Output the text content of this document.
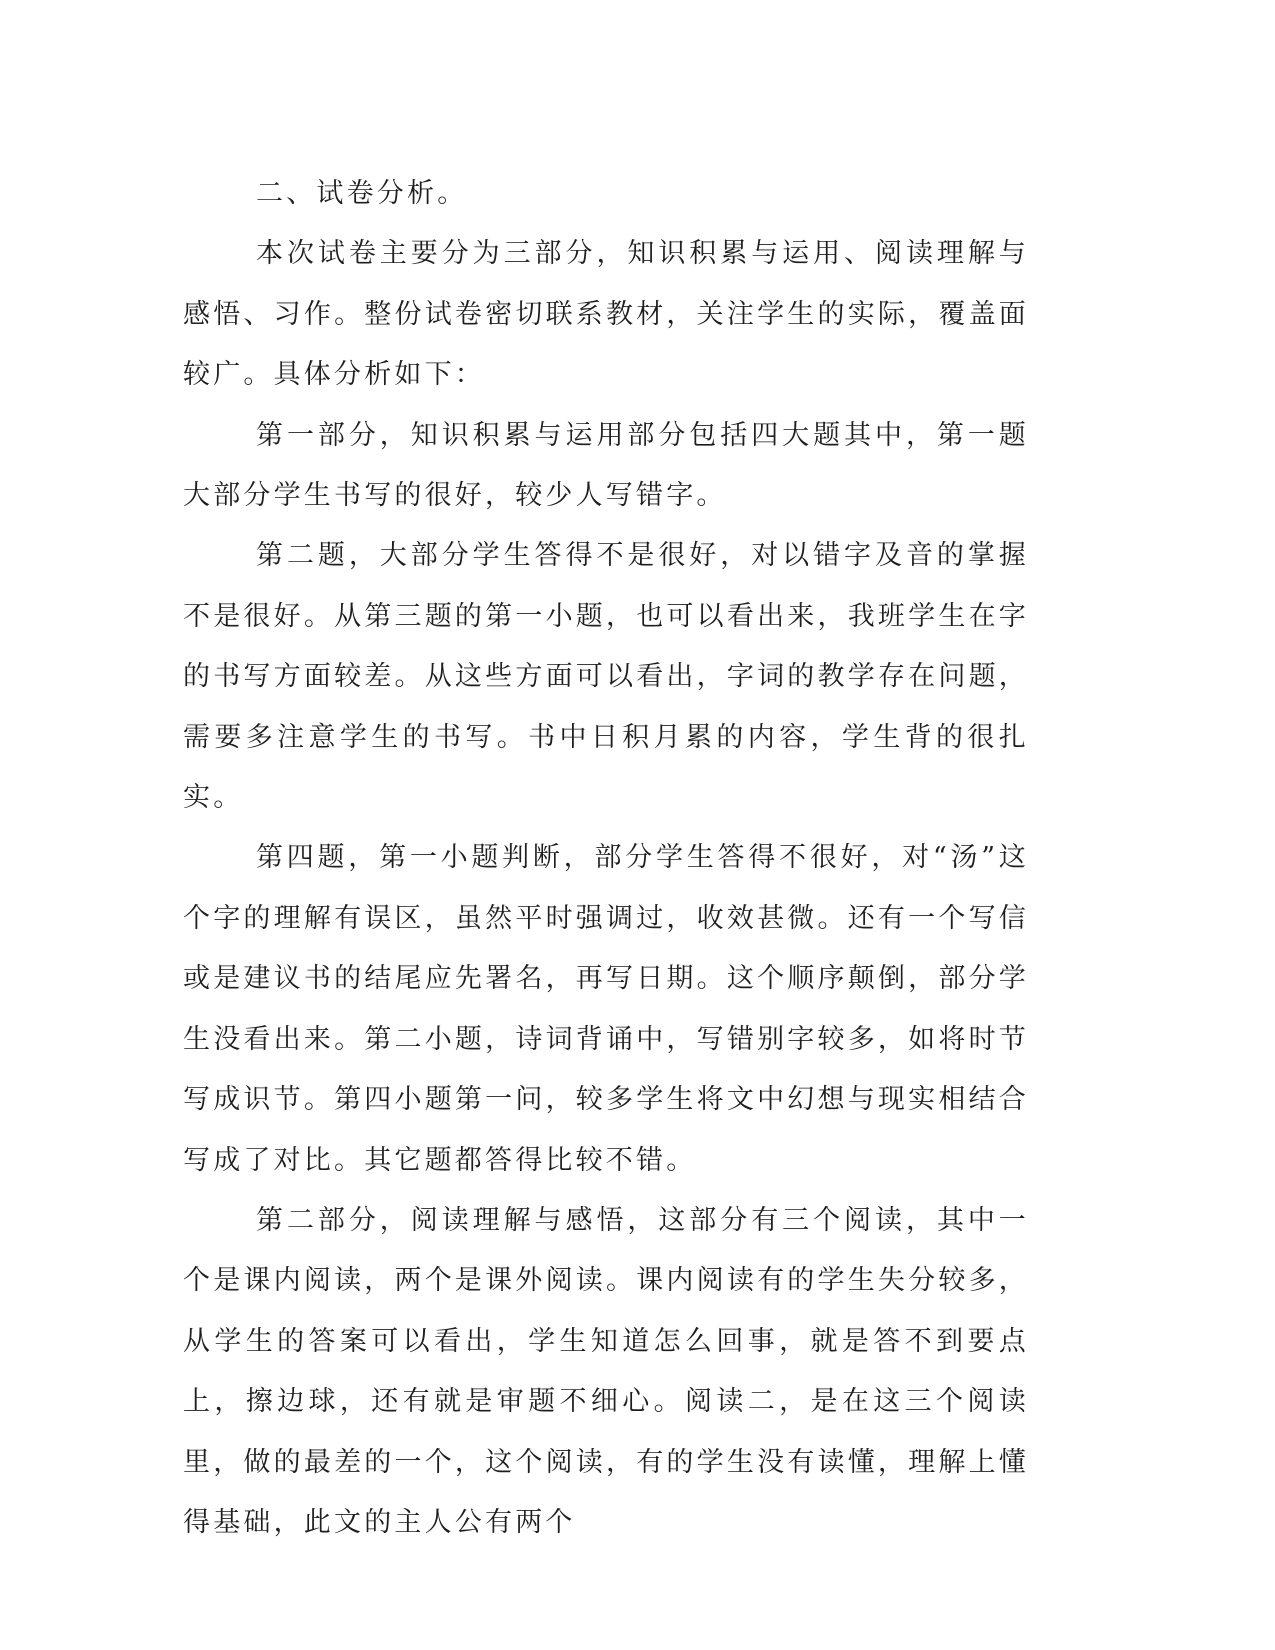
二、试卷分析。

本次试卷主要分为三部分，知识积累与运用、阅读理解与感悟、习作。整份试卷密切联系教材，关注学生的实际，覆盖面较广。具体分析如下：

第一部分，知识积累与运用部分包括四大题其中，第一题大部分学生书写的很好，较少人写错字。

第二题，大部分学生答得不是很好，对以错字及音的掌握不是很好。从第三题的第一小题，也可以看出来，我班学生在字的书写方面较差。从这些方面可以看出，字词的教学存在问题，需要多注意学生的书写。书中日积月累的内容，学生背的很扎实。

第四题，第一小题判断，部分学生答得不很好，对“汤”这个字的理解有误区，虽然平时强调过，收效甚微。还有一个写信或是建议书的结尾应先署名，再写日期。这个顺序颠倒，部分学生没看出来。第二小题，诗词背诵中，写错别字较多，如将时节写成识节。第四小题第一问，较多学生将文中幻想与现实相结合写成了对比。其它题都答得比较不错。

第二部分，阅读理解与感悟，这部分有三个阅读，其中一个是课内阅读，两个是课外阅读。课内阅读有的学生失分较多，从学生的答案可以看出，学生知道怎么回事，就是答不到要点上，擦边球，还有就是审题不细心。阅读二，是在这三个阅读里，做的最差的一个，这个阅读，有的学生没有读懂，理解上懂得基础，此文的主人公有两个
